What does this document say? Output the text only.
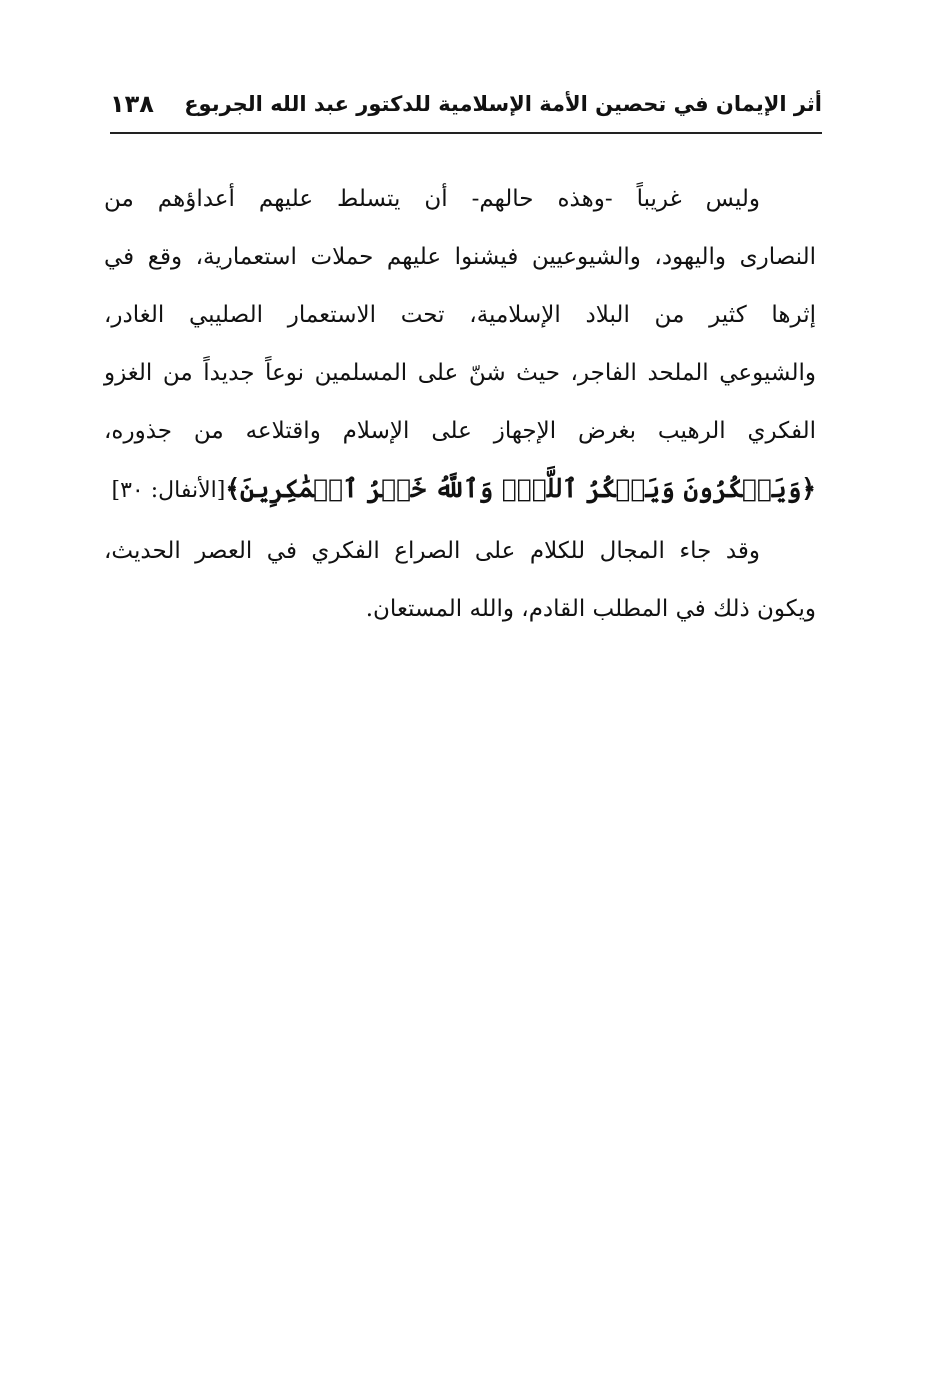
أثر الإيمان في تحصين الأمة الإسلامية للدكتور عبد الله الجربوع
١٣٨
وليس غريباً -وهذه حالهم- أن يتسلط عليهم أعداؤهم من
النصارى واليهود، والشيوعيين فيشنوا عليهم حملات استعمارية، وقع في
إثرها كثير من البلاد الإسلامية، تحت الاستعمار الصليبي الغادر،
والشيوعي الملحد الفاجر، حيث شنّ على المسلمين نوعاً جديداً من الغزو
الفكري الرهيب بغرض الإجهاز على الإسلام واقتلاعه من جذوره،
﴿وَيَمۡكُرُونَ وَيَمۡكُرُ ٱللَّهُۖ وَٱللَّهُ خَيۡرُ ٱلۡمَٰكِرِينَ﴾[الأنفال: ٣٠]
وقد جاء المجال للكلام على الصراع الفكري في العصر الحديث،
ويكون ذلك في المطلب القادم، والله المستعان.
